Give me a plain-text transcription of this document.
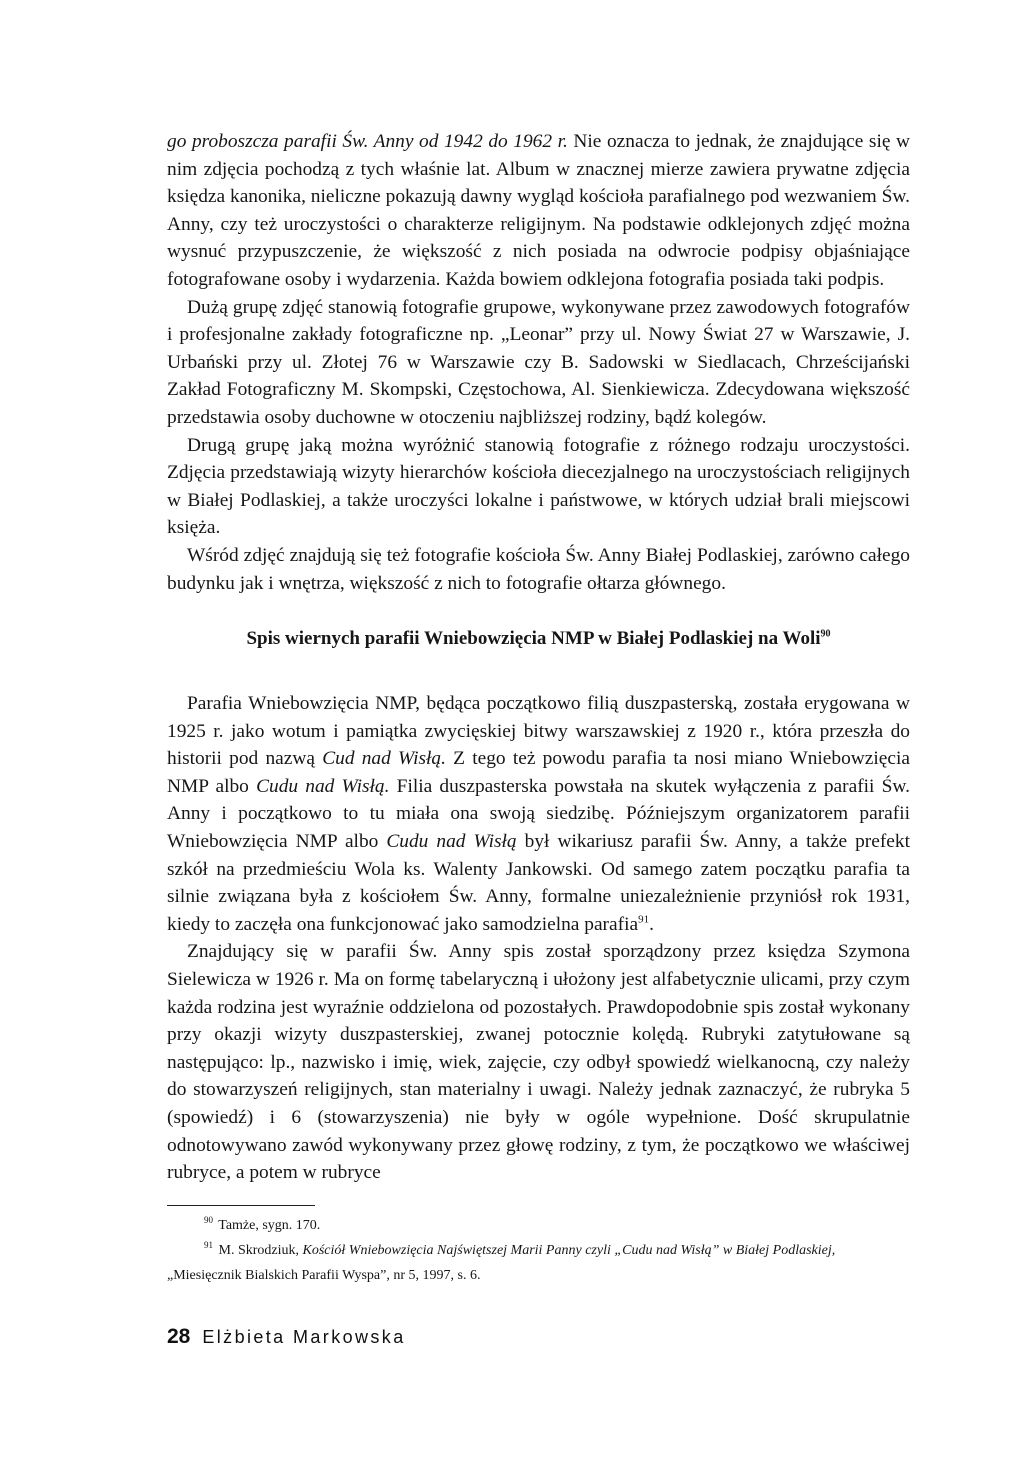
go proboszcza parafii Św. Anny od 1942 do 1962 r. Nie oznacza to jednak, że znajdujące się w nim zdjęcia pochodzą z tych właśnie lat. Album w znacznej mierze zawiera prywatne zdjęcia księdza kanonika, nieliczne pokazują dawny wygląd kościoła parafialnego pod wezwaniem Św. Anny, czy też uroczystości o charakterze religijnym. Na podstawie odklejonych zdjęć można wysnuć przypuszczenie, że większość z nich posiada na odwrocie podpisy objaśniające fotografowane osoby i wydarzenia. Każda bowiem odklejona fotografia posiada taki podpis.

Dużą grupę zdjęć stanowią fotografie grupowe, wykonywane przez zawodowych fotografów i profesjonalne zakłady fotograficzne np. „Leonar” przy ul. Nowy Świat 27 w Warszawie, J. Urbański przy ul. Złotej 76 w Warszawie czy B. Sadowski w Siedlacach, Chrześcijański Zakład Fotograficzny M. Skompski, Częstochowa, Al. Sienkiewicza. Zdecydowana większość przedstawia osoby duchowne w otoczeniu najbliższej rodziny, bądź kolegów.

Drugą grupę jaką można wyróżnić stanowią fotografie z różnego rodzaju uroczystości. Zdjęcia przedstawiają wizyty hierarchów kościoła diecezjalnego na uroczystościach religijnych w Białej Podlaskiej, a także uroczyści lokalne i państwowe, w których udział brali miejscowi księża.

Wśród zdjęć znajdują się też fotografie kościoła Św. Anny Białej Podlaskiej, zarówno całego budynku jak i wnętrza, większość z nich to fotografie ołtarza głównego.

Spis wiernych parafii Wniebowzięcia NMP w Białej Podlaskiej na Woli$^{90}$

Parafia Wniebowzięcia NMP, będąca początkowo filią duszpasterską, została erygowana w 1925 r. jako wotum i pamiątka zwycięskiej bitwy warszawskiej z 1920 r., która przeszła do historii pod nazwą Cud nad Wisłą. Z tego też powodu parafia ta nosi miano Wniebowzięcia NMP albo Cudu nad Wisłą. Filia duszpasterska powstała na skutek wyłączenia z parafii Św. Anny i początkowo to tu miała ona swoją siedzibę. Późniejszym organizatorem parafii Wniebowzięcia NMP albo Cudu nad Wisłą był wikariusz parafii Św. Anny, a także prefekt szkół na przedmieściu Wola ks. Walenty Jankowski. Od samego zatem początku parafia ta silnie związana była z kościołem Św. Anny, formalne uniezależnienie przyniósł rok 1931, kiedy to zaczęła ona funkcjonować jako samodzielna parafia$^{91}$.

Znajdujący się w parafii Św. Anny spis został sporządzony przez księdza Szymona Sielewicza w 1926 r. Ma on formę tabelaryczną i ułożony jest alfabetycznie ulicami, przy czym każda rodzina jest wyraźnie oddzielona od pozostałych. Prawdopodobnie spis został wykonany przy okazji wizyty duszpasterskiej, zwanej potocznie kolędą. Rubryki zatytułowane są następująco: lp., nazwisko i imię, wiek, zajęcie, czy odbył spowiedź wielkanocną, czy należy do stowarzyszeń religijnych, stan materialny i uwagi. Należy jednak zaznaczyć, że rubryka 5 (spowiedź) i 6 (stowarzyszenia) nie były w ogóle wypełnione. Dość skrupulatnie odnotowywano zawód wykonywany przez głowę rodziny, z tym, że początkowo we właściwej rubryce, a potem w rubryce

$^{90}$ Tamże, sygn. 170.

$^{91}$ M. Skrodziuk, Kościół Wniebowzięcia Najświętszej Marii Panny czyli „Cudu nad Wisłą” w Białej Podlaskiej,

„Miesięcznik Bialskich Parafii Wyspa”, nr 5, 1997, s. 6.

28 Elżbieta Markowska
